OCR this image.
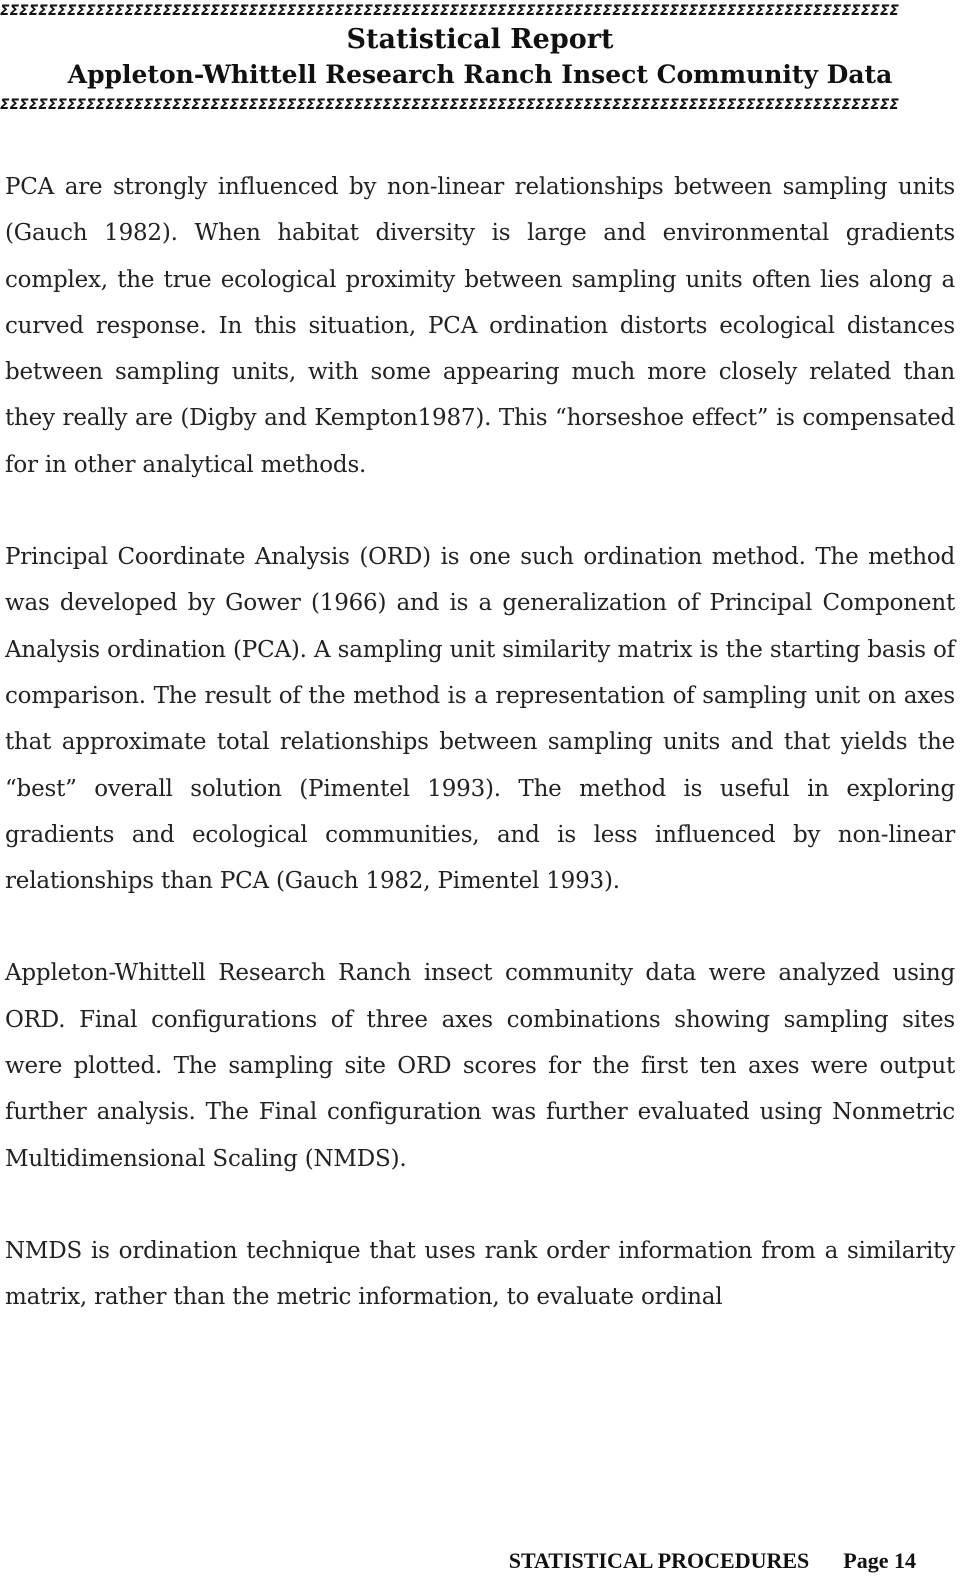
ΣΣΣΣΣΣΣΣΣΣΣΣΣΣΣΣΣΣΣΣΣΣΣΣΣΣΣΣΣΣΣΣΣΣΣΣΣΣΣΣΣΣΣΣΣΣΣΣΣΣΣΣΣΣΣΣΣΣΣΣΣΣΣΣΣΣΣΣΣΣΣΣΣΣΣΣΣΣΣΣΣΣΣΣΣΣΣΣΣΣΣΣΣΣ
Statistical Report
Appleton-Whittell Research Ranch Insect Community Data
ΣΣΣΣΣΣΣΣΣΣΣΣΣΣΣΣΣΣΣΣΣΣΣΣΣΣΣΣΣΣΣΣΣΣΣΣΣΣΣΣΣΣΣΣΣΣΣΣΣΣΣΣΣΣΣΣΣΣΣΣΣΣΣΣΣΣΣΣΣΣΣΣΣΣΣΣΣΣΣΣΣΣΣΣΣΣΣΣΣΣΣΣΣΣ

PCA are strongly influenced by non-linear relationships between sampling units (Gauch 1982). When habitat diversity is large and environmental gradients complex, the true ecological proximity between sampling units often lies along a curved response. In this situation, PCA ordination distorts ecological distances between sampling units, with some appearing much more closely related than they really are (Digby and Kempton1987). This “horseshoe effect” is compensated for in other analytical methods.

Principal Coordinate Analysis (ORD) is one such ordination method. The method was developed by Gower (1966) and is a generalization of Principal Component Analysis ordination (PCA). A sampling unit similarity matrix is the starting basis of comparison. The result of the method is a representation of sampling unit on axes that approximate total relationships between sampling units and that yields the “best” overall solution (Pimentel 1993). The method is useful in exploring gradients and ecological communities, and is less influenced by non-linear relationships than PCA (Gauch 1982, Pimentel 1993).

Appleton-Whittell Research Ranch insect community data were analyzed using ORD. Final configurations of three axes combinations showing sampling sites were plotted. The sampling site ORD scores for the first ten axes were output further analysis. The Final configuration was further evaluated using Nonmetric Multidimensional Scaling (NMDS).

NMDS is ordination technique that uses rank order information from a similarity matrix, rather than the metric information, to evaluate ordinal

STATISTICAL PROCEDURES Page 14
